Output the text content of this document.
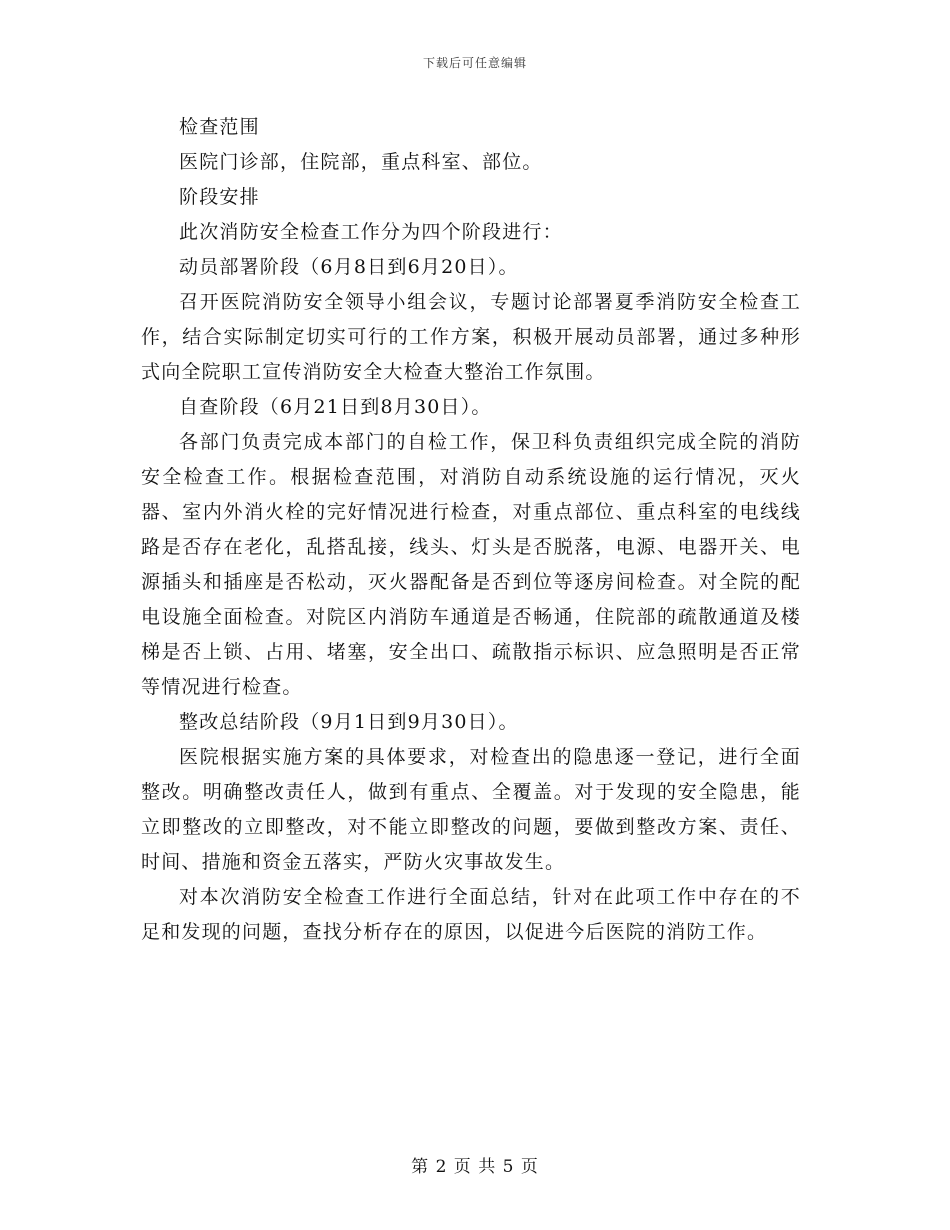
下载后可任意编辑

检查范围

医院门诊部，住院部，重点科室、部位。

阶段安排

此次消防安全检查工作分为四个阶段进行：

动员部署阶段（6月8日到6月20日）。

召开医院消防安全领导小组会议，专题讨论部署夏季消防安全检查工作，结合实际制定切实可行的工作方案，积极开展动员部署，通过多种形式向全院职工宣传消防安全大检查大整治工作氛围。

自查阶段（6月21日到8月30日）。

各部门负责完成本部门的自检工作，保卫科负责组织完成全院的消防安全检查工作。根据检查范围，对消防自动系统设施的运行情况，灭火器、室内外消火栓的完好情况进行检查，对重点部位、重点科室的电线线路是否存在老化，乱搭乱接，线头、灯头是否脱落，电源、电器开关、电源插头和插座是否松动，灭火器配备是否到位等逐房间检查。对全院的配电设施全面检查。对院区内消防车通道是否畅通，住院部的疏散通道及楼梯是否上锁、占用、堵塞，安全出口、疏散指示标识、应急照明是否正常等情况进行检查。

整改总结阶段（9月1日到9月30日）。

医院根据实施方案的具体要求，对检查出的隐患逐一登记，进行全面整改。明确整改责任人，做到有重点、全覆盖。对于发现的安全隐患，能立即整改的立即整改，对不能立即整改的问题，要做到整改方案、责任、时间、措施和资金五落实，严防火灾事故发生。

对本次消防安全检查工作进行全面总结，针对在此项工作中存在的不足和发现的问题，查找分析存在的原因，以促进今后医院的消防工作。

第 2 页 共 5 页
